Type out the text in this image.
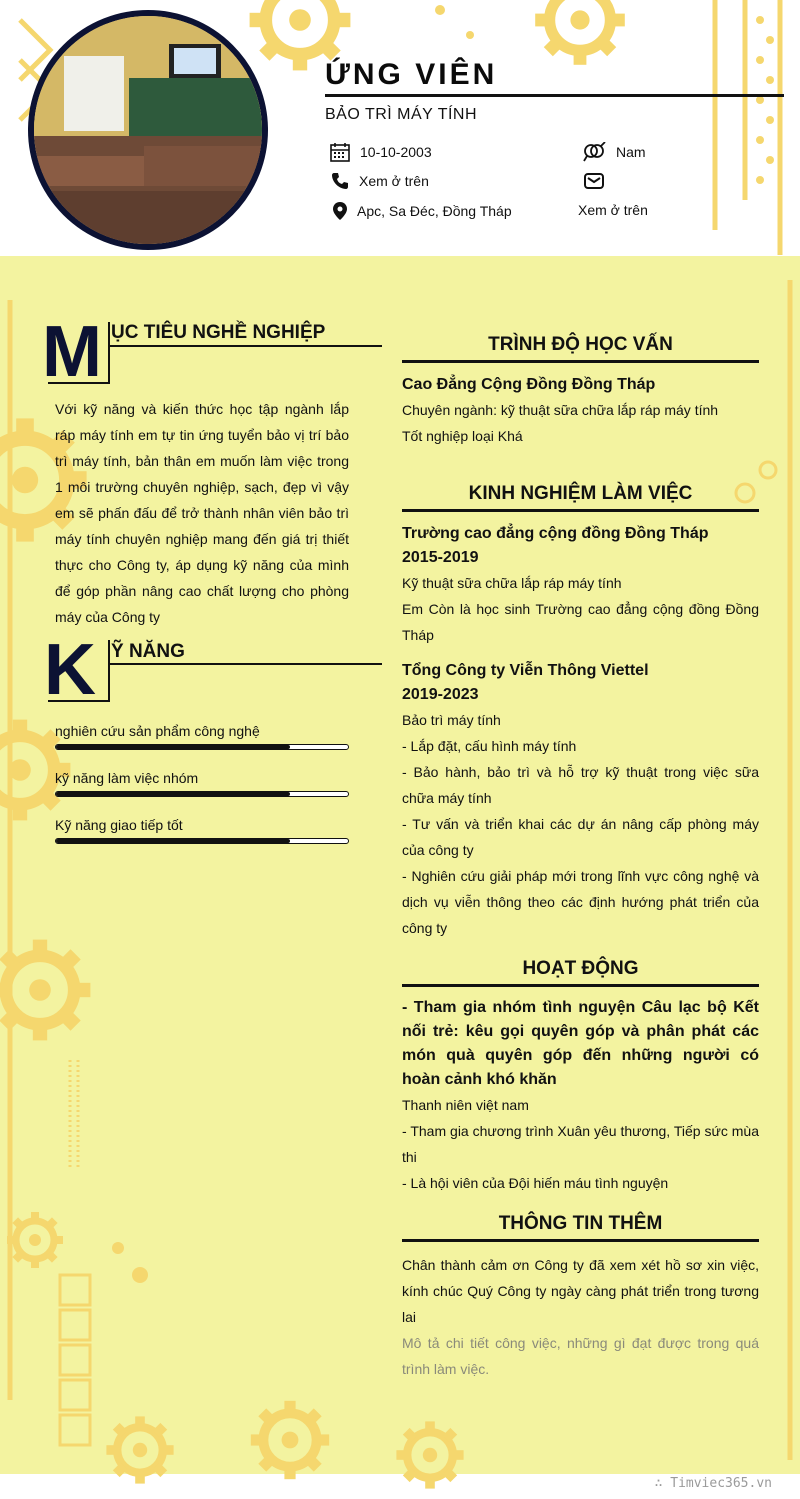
ỨNG VIÊN
BẢO TRÌ MÁY TÍNH
10-10-2003	Nam
Xem ở trên
Apc, Sa Đéc, Đồng Tháp	Xem ở trên
M ỤC TIÊU NGHỀ NGHIỆP
Với kỹ năng và kiến thức học tập ngành lắp ráp máy tính em tự tin ứng tuyển bảo vị trí bảo trì máy tính, bản thân em muốn làm việc trong 1 môi trường chuyên nghiệp, sạch, đẹp vì vậy em sẽ phấn đấu để trở thành nhân viên bảo trì máy tính chuyên nghiệp mang đến giá trị thiết thực cho Công ty, áp dụng kỹ năng của mình để góp phần nâng cao chất lượng cho phòng máy của Công ty
K Ỹ NĂNG
nghiên cứu sản phẩm công nghệ
kỹ năng làm việc nhóm
Kỹ năng giao tiếp tốt
TRÌNH ĐỘ HỌC VẤN
Cao Đẳng Cộng Đồng Đồng Tháp
Chuyên ngành: kỹ thuật sữa chữa lắp ráp máy tính
Tốt nghiệp loại Khá
KINH NGHIỆM LÀM VIỆC
Trường cao đẳng cộng đồng Đồng Tháp
2015-2019
Kỹ thuật sữa chữa lắp ráp máy tính
Em Còn là học sinh Trường cao đẳng cộng đồng Đồng Tháp
Tổng Công ty Viễn Thông Viettel
2019-2023
Bảo trì máy tính
- Lắp đặt, cấu hình máy tính
- Bảo hành, bảo trì và hỗ trợ kỹ thuật trong việc sữa chữa máy tính
- Tư vấn và triển khai các dự án nâng cấp phòng máy của công ty
- Nghiên cứu giải pháp mới trong lĩnh vực công nghệ và dịch vụ viễn thông theo các định hướng phát triển của công ty
HOẠT ĐỘNG
- Tham gia nhóm tình nguyện Câu lạc bộ Kết nối trẻ: kêu gọi quyên góp và phân phát các món quà quyên góp đến những người có hoàn cảnh khó khăn
Thanh niên việt nam
- Tham gia chương trình Xuân yêu thương, Tiếp sức mùa thi
- Là hội viên của Đội hiến máu tình nguyện
THÔNG TIN THÊM
Chân thành cảm ơn Công ty đã xem xét hồ sơ xin việc, kính chúc Quý Công ty ngày càng phát triển trong tương lai
Mô tả chi tiết công việc, những gì đạt được trong quá trình làm việc.
∴ Timviec365.vn
